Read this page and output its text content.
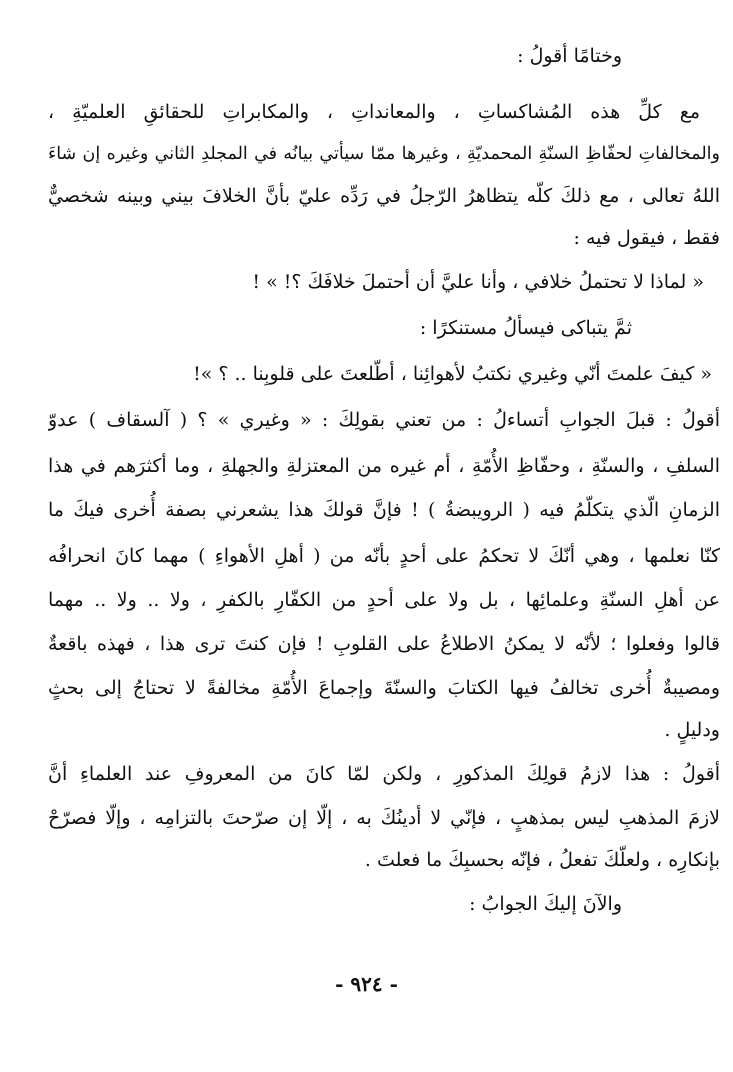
وختامًا أقولُ :
مع كلِّ هذه المُشاكساتِ ، والمعانداتِ ، والمكابراتِ للحقائقِ العلميّةِ ،
والمخالفاتِ لحفّاظِ السنّةِ المحمديّةِ ، وغيرها ممّا سيأتي بيانُه في المجلدِ الثاني وغيره إن شاءَ
اللهُ تعالى ، مع ذلكَ كلّه يتظاهرُ الرّجلُ في رَدِّه عليّ بأنَّ الخلافَ بيني وبينه شخصيٌّ
فقط ، فيقول فيه :
« لماذا لا تحتملُ خلافي ، وأنا عليَّ أن أحتملَ خلافَكَ ؟! » !
ثمَّ يتباكى فيسألُ مستنكرًا :
« كيفَ علمتَ أنّي وغيري نكتبُ لأهوائِنا ، أطّلعتَ على قلوبِنا .. ؟ »!
أقولُ : قبلَ الجوابِ أتساءلُ : من تعني بقولِكَ : « وغيري » ؟ ( آلسقاف ) عدوّ
السلفِ ، والسنّةِ ، وحفّاظِ الأُمّةِ ، أم غيره من المعتزلةِ والجهلةِ ، وما أكثرَهم في هذا
الزمانِ الّذي يتكلّمُ فيه ( الرويبضةُ ) ! فإنَّ قولكَ هذا يشعرني بصفة أُخرى فيكَ ما
كنّا نعلمها ، وهي أنّكَ لا تحكمُ على أحدٍ بأنّه من ( أهلِ الأهواءِ ) مهما كانَ انحرافُه
عن أهلِ السنّةِ وعلمائِها ، بل ولا على أحدٍ من الكفّارِ بالكفرِ ، ولا .. ولا .. مهما
قالوا وفعلوا ؛ لأنّه لا يمكنُ الاطلاعُ على القلوبِ ! فإن كنتَ ترى هذا ، فهذه باقعةٌ
ومصيبةٌ أُخرى تخالفُ فيها الكتابَ والسنّةَ وإجماعَ الأُمّةِ مخالفةً لا تحتاجُ إلى بحثٍ
ودليلٍ .
أقولُ : هذا لازمُ قولِكَ المذكورِ ، ولكن لمّا كانَ من المعروفِ عند العلماءِ أنَّ
لازمَ المذهبِ ليس بمذهبٍ ، فإنّي لا أدينُكَ به ، إلّا إن صرّحتَ بالتزامِه ، وإلّا فصرّحْ
بإنكارِه ، ولعلّكَ تفعلُ ، فإنّه بحسبِكَ ما فعلتَ .
والآنَ إليكَ الجوابُ :
- ٩٢٤ -
